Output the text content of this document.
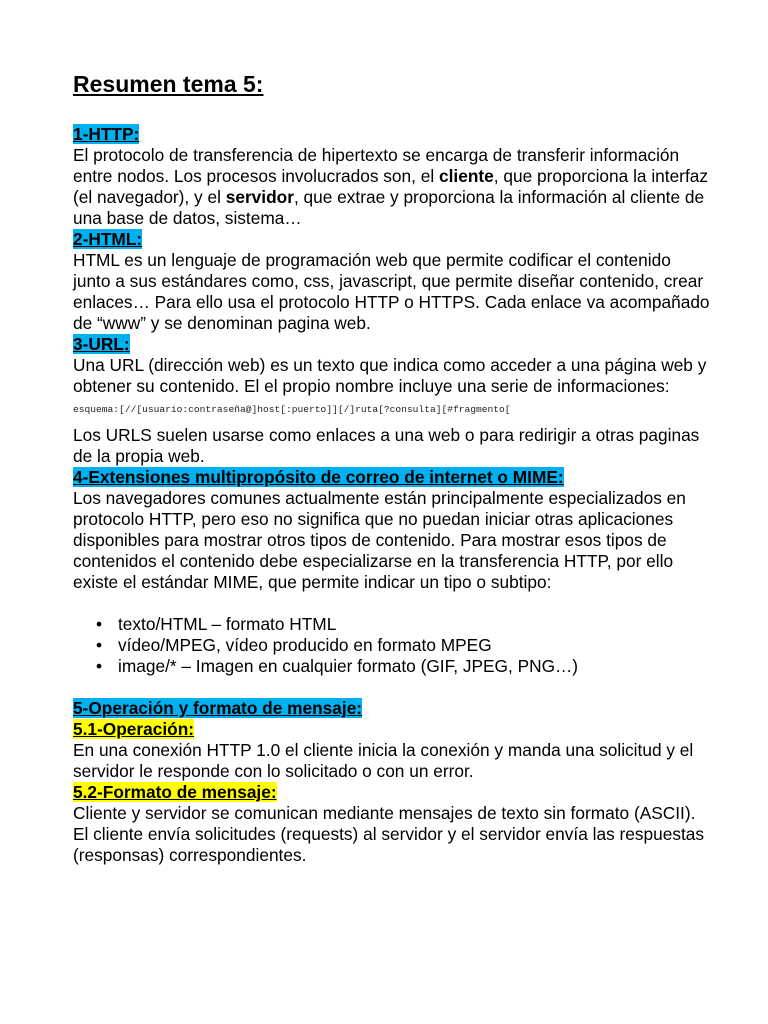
Resumen tema 5:
1-HTTP:

El protocolo de transferencia de hipertexto se encarga de transferir información entre nodos. Los procesos involucrados son, el cliente, que proporciona la interfaz (el navegador), y el servidor, que extrae y proporciona la información al cliente de una base de datos, sistema…

2-HTML:

HTML es un lenguaje de programación web que permite codificar el contenido junto a sus estándares como, css, javascript, que permite diseñar contenido, crear enlaces… Para ello usa el protocolo HTTP o HTTPS. Cada enlace va acompañado de “www” y se denominan pagina web.

3-URL:

Una URL (dirección web) es un texto que indica como acceder a una página web y obtener su contenido. El el propio nombre incluye una serie de informaciones:

esquema:[//[usuario:contraseña@]host[:puerto]][/]ruta[?consulta][#fragmento[

Los URLS suelen usarse como enlaces a una web o para redirigir a otras paginas de la propia web.

4-Extensiones multipropósito de correo de internet o MIME:

Los navegadores comunes actualmente están principalmente especializados en protocolo HTTP, pero eso no significa que no puedan iniciar otras aplicaciones disponibles para mostrar otros tipos de contenido. Para mostrar esos tipos de contenidos el contenido debe especializarse en la transferencia HTTP, por ello existe el estándar MIME, que permite indicar un tipo o subtipo:

• texto/HTML – formato HTML
• vídeo/MPEG, vídeo producido en formato MPEG
• image/* – Imagen en cualquier formato (GIF, JPEG, PNG…)
5-Operación y formato de mensaje:
5.1-Operación:

En una conexión HTTP 1.0 el cliente inicia la conexión y manda una solicitud y el servidor le responde con lo solicitado o con un error.

5.2-Formato de mensaje:

Cliente y servidor se comunican mediante mensajes de texto sin formato (ASCII). El cliente envía solicitudes (requests) al servidor y el servidor envía las respuestas (responsas) correspondientes.
